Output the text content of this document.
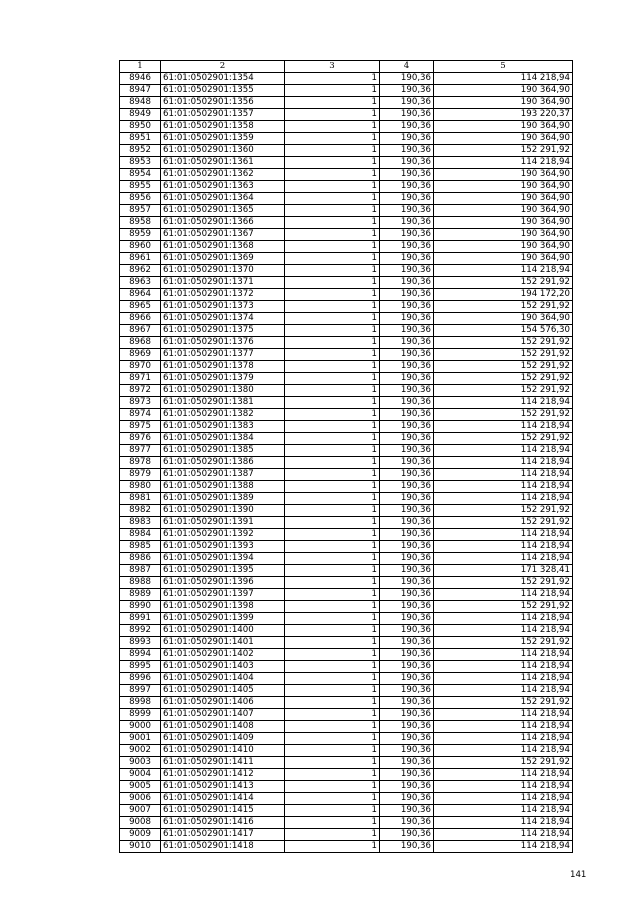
1	2	3	4	5
8946	61:01:0502901:1354	1	190,36	114 218,94
8947	61:01:0502901:1355	1	190,36	190 364,90
8948	61:01:0502901:1356	1	190,36	190 364,90
8949	61:01:0502901:1357	1	190,36	193 220,37
8950	61:01:0502901:1358	1	190,36	190 364,90
8951	61:01:0502901:1359	1	190,36	190 364,90
8952	61:01:0502901:1360	1	190,36	152 291,92
8953	61:01:0502901:1361	1	190,36	114 218,94
8954	61:01:0502901:1362	1	190,36	190 364,90
8955	61:01:0502901:1363	1	190,36	190 364,90
8956	61:01:0502901:1364	1	190,36	190 364,90
8957	61:01:0502901:1365	1	190,36	190 364,90
8958	61:01:0502901:1366	1	190,36	190 364,90
8959	61:01:0502901:1367	1	190,36	190 364,90
8960	61:01:0502901:1368	1	190,36	190 364,90
8961	61:01:0502901:1369	1	190,36	190 364,90
8962	61:01:0502901:1370	1	190,36	114 218,94
8963	61:01:0502901:1371	1	190,36	152 291,92
8964	61:01:0502901:1372	1	190,36	194 172,20
8965	61:01:0502901:1373	1	190,36	152 291,92
8966	61:01:0502901:1374	1	190,36	190 364,90
8967	61:01:0502901:1375	1	190,36	154 576,30
8968	61:01:0502901:1376	1	190,36	152 291,92
8969	61:01:0502901:1377	1	190,36	152 291,92
8970	61:01:0502901:1378	1	190,36	152 291,92
8971	61:01:0502901:1379	1	190,36	152 291,92
8972	61:01:0502901:1380	1	190,36	152 291,92
8973	61:01:0502901:1381	1	190,36	114 218,94
8974	61:01:0502901:1382	1	190,36	152 291,92
8975	61:01:0502901:1383	1	190,36	114 218,94
8976	61:01:0502901:1384	1	190,36	152 291,92
8977	61:01:0502901:1385	1	190,36	114 218,94
8978	61:01:0502901:1386	1	190,36	114 218,94
8979	61:01:0502901:1387	1	190,36	114 218,94
8980	61:01:0502901:1388	1	190,36	114 218,94
8981	61:01:0502901:1389	1	190,36	114 218,94
8982	61:01:0502901:1390	1	190,36	152 291,92
8983	61:01:0502901:1391	1	190,36	152 291,92
8984	61:01:0502901:1392	1	190,36	114 218,94
8985	61:01:0502901:1393	1	190,36	114 218,94
8986	61:01:0502901:1394	1	190,36	114 218,94
8987	61:01:0502901:1395	1	190,36	171 328,41
8988	61:01:0502901:1396	1	190,36	152 291,92
8989	61:01:0502901:1397	1	190,36	114 218,94
8990	61:01:0502901:1398	1	190,36	152 291,92
8991	61:01:0502901:1399	1	190,36	114 218,94
8992	61:01:0502901:1400	1	190,36	114 218,94
8993	61:01:0502901:1401	1	190,36	152 291,92
8994	61:01:0502901:1402	1	190,36	114 218,94
8995	61:01:0502901:1403	1	190,36	114 218,94
8996	61:01:0502901:1404	1	190,36	114 218,94
8997	61:01:0502901:1405	1	190,36	114 218,94
8998	61:01:0502901:1406	1	190,36	152 291,92
8999	61:01:0502901:1407	1	190,36	114 218,94
9000	61:01:0502901:1408	1	190,36	114 218,94
9001	61:01:0502901:1409	1	190,36	114 218,94
9002	61:01:0502901:1410	1	190,36	114 218,94
9003	61:01:0502901:1411	1	190,36	152 291,92
9004	61:01:0502901:1412	1	190,36	114 218,94
9005	61:01:0502901:1413	1	190,36	114 218,94
9006	61:01:0502901:1414	1	190,36	114 218,94
9007	61:01:0502901:1415	1	190,36	114 218,94
9008	61:01:0502901:1416	1	190,36	114 218,94
9009	61:01:0502901:1417	1	190,36	114 218,94
9010	61:01:0502901:1418	1	190,36	114 218,94
141
